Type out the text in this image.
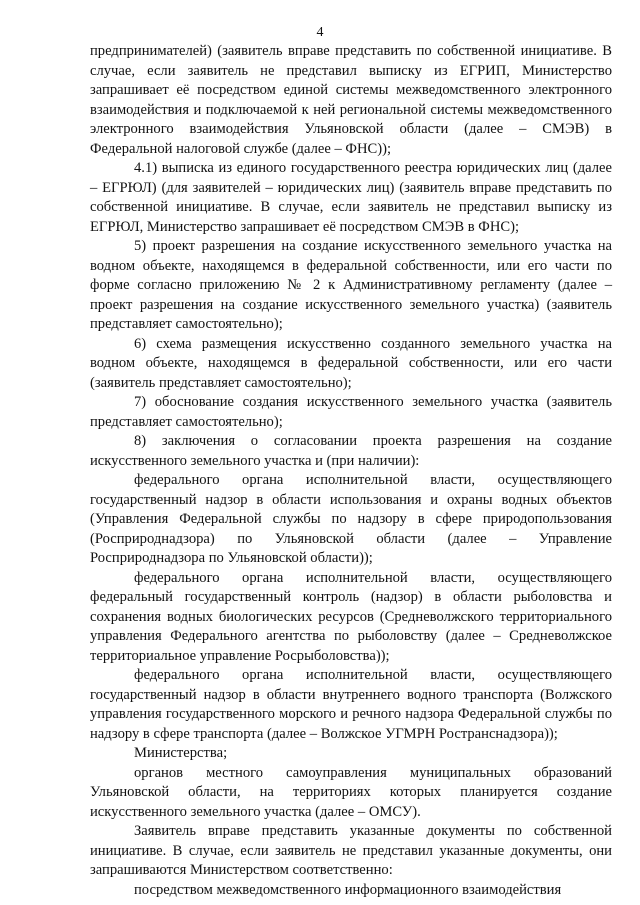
4

предпринимателей) (заявитель вправе представить по собственной инициативе. В случае, если заявитель не представил выписку из ЕГРИП, Министерство запрашивает её посредством единой системы межведомственного электронного взаимодействия и подключаемой к ней региональной системы межведомственного электронного взаимодействия Ульяновской области (далее – СМЭВ) в Федеральной налоговой службе (далее – ФНС));

4.1) выписка из единого государственного реестра юридических лиц (далее – ЕГРЮЛ) (для заявителей – юридических лиц) (заявитель вправе представить по собственной инициативе. В случае, если заявитель не представил выписку из ЕГРЮЛ, Министерство запрашивает её посредством СМЭВ в ФНС);

5) проект разрешения на создание искусственного земельного участка на водном объекте, находящемся в федеральной собственности, или его части по форме согласно приложению № 2 к Административному регламенту (далее – проект разрешения на создание искусственного земельного участка) (заявитель представляет самостоятельно);

6) схема размещения искусственно созданного земельного участка на водном объекте, находящемся в федеральной собственности, или его части (заявитель представляет самостоятельно);

7) обоснование создания искусственного земельного участка (заявитель представляет самостоятельно);

8) заключения о согласовании проекта разрешения на создание искусственного земельного участка и (при наличии):

федерального органа исполнительной власти, осуществляющего государственный надзор в области использования и охраны водных объектов (Управления Федеральной службы по надзору в сфере природопользования (Росприроднадзора) по Ульяновской области (далее – Управление Росприроднадзора по Ульяновской области));

федерального органа исполнительной власти, осуществляющего федеральный государственный контроль (надзор) в области рыболовства и сохранения водных биологических ресурсов (Средневолжского территориального управления Федерального агентства по рыболовству (далее – Средневолжское территориальное управление Росрыболовства));

федерального органа исполнительной власти, осуществляющего государственный надзор в области внутреннего водного транспорта (Волжского управления государственного морского и речного надзора Федеральной службы по надзору в сфере транспорта (далее – Волжское УГМРН Ространснадзора));

Министерства;

органов местного самоуправления муниципальных образований Ульяновской области, на территориях которых планируется создание искусственного земельного участка (далее – ОМСУ).

Заявитель вправе представить указанные документы по собственной инициативе. В случае, если заявитель не представил указанные документы, они запрашиваются Министерством соответственно:

посредством межведомственного информационного взаимодействия
